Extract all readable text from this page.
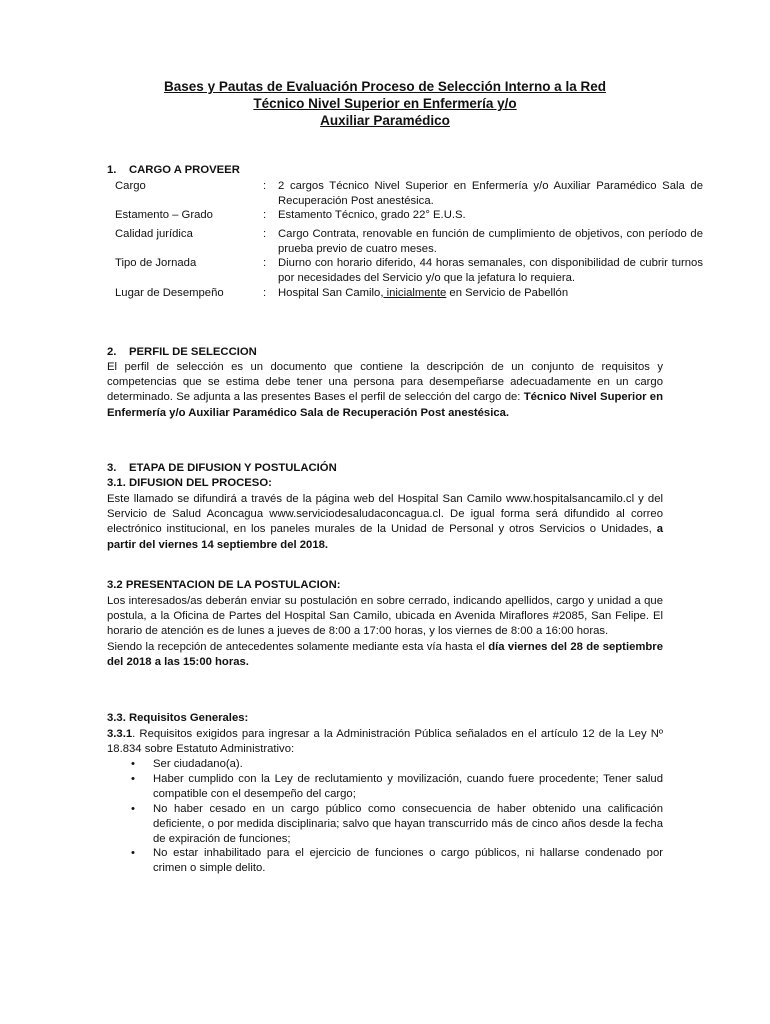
Bases y Pautas de Evaluación Proceso de Selección Interno a la Red
Técnico Nivel Superior en Enfermería y/o
Auxiliar Paramédico
1.    CARGO A PROVEER
Cargo	: 2 cargos Técnico Nivel Superior en Enfermería y/o Auxiliar Paramédico Sala de Recuperación Post anestésica.
Estamento – Grado	: Estamento Técnico, grado 22° E.U.S.
Calidad jurídica	: Cargo Contrata, renovable en función de cumplimiento de objetivos, con período de prueba previo de cuatro meses.
Tipo de Jornada	: Diurno con horario diferido, 44 horas semanales, con disponibilidad de cubrir turnos por necesidades del Servicio y/o que la jefatura lo requiera.
Lugar de Desempeño	: Hospital San Camilo, inicialmente en Servicio de Pabellón
2.    PERFIL DE SELECCION
El perfil de selección es un documento que contiene la descripción de un conjunto de requisitos y competencias que se estima debe tener una persona para desempeñarse adecuadamente en un cargo determinado. Se adjunta a las presentes Bases el perfil de selección del cargo de: Técnico Nivel Superior en Enfermería y/o Auxiliar Paramédico Sala de Recuperación Post anestésica.
3.    ETAPA DE DIFUSION Y POSTULACIÓN
3.1. DIFUSION DEL PROCESO:
Este llamado se difundirá a través de la página web del Hospital San Camilo www.hospitalsancamilo.cl y del Servicio de Salud Aconcagua www.serviciodesaludaconcagua.cl. De igual forma será difundido al correo electrónico institucional, en los paneles murales de la Unidad de Personal y otros Servicios o Unidades, a partir del viernes 14 septiembre del 2018.
3.2 PRESENTACION DE LA POSTULACION:
Los interesados/as deberán enviar su postulación en sobre cerrado, indicando apellidos, cargo y unidad a que postula, a la Oficina de Partes del Hospital San Camilo, ubicada en Avenida Miraflores #2085, San Felipe. El horario de atención es de lunes a jueves de 8:00 a 17:00 horas, y los viernes de 8:00 a 16:00 horas.
Siendo la recepción de antecedentes solamente mediante esta vía hasta el día viernes del 28 de septiembre del 2018 a las 15:00 horas.
3.3. Requisitos Generales:
3.3.1. Requisitos exigidos para ingresar a la Administración Pública señalados en el artículo 12 de la Ley Nº 18.834 sobre Estatuto Administrativo:
• Ser ciudadano(a).
• Haber cumplido con la Ley de reclutamiento y movilización, cuando fuere procedente; Tener salud compatible con el desempeño del cargo;
• No haber cesado en un cargo público como consecuencia de haber obtenido una calificación deficiente, o por medida disciplinaria; salvo que hayan transcurrido más de cinco años desde la fecha de expiración de funciones;
• No estar inhabilitado para el ejercicio de funciones o cargo públicos, ni hallarse condenado por crimen o simple delito.
